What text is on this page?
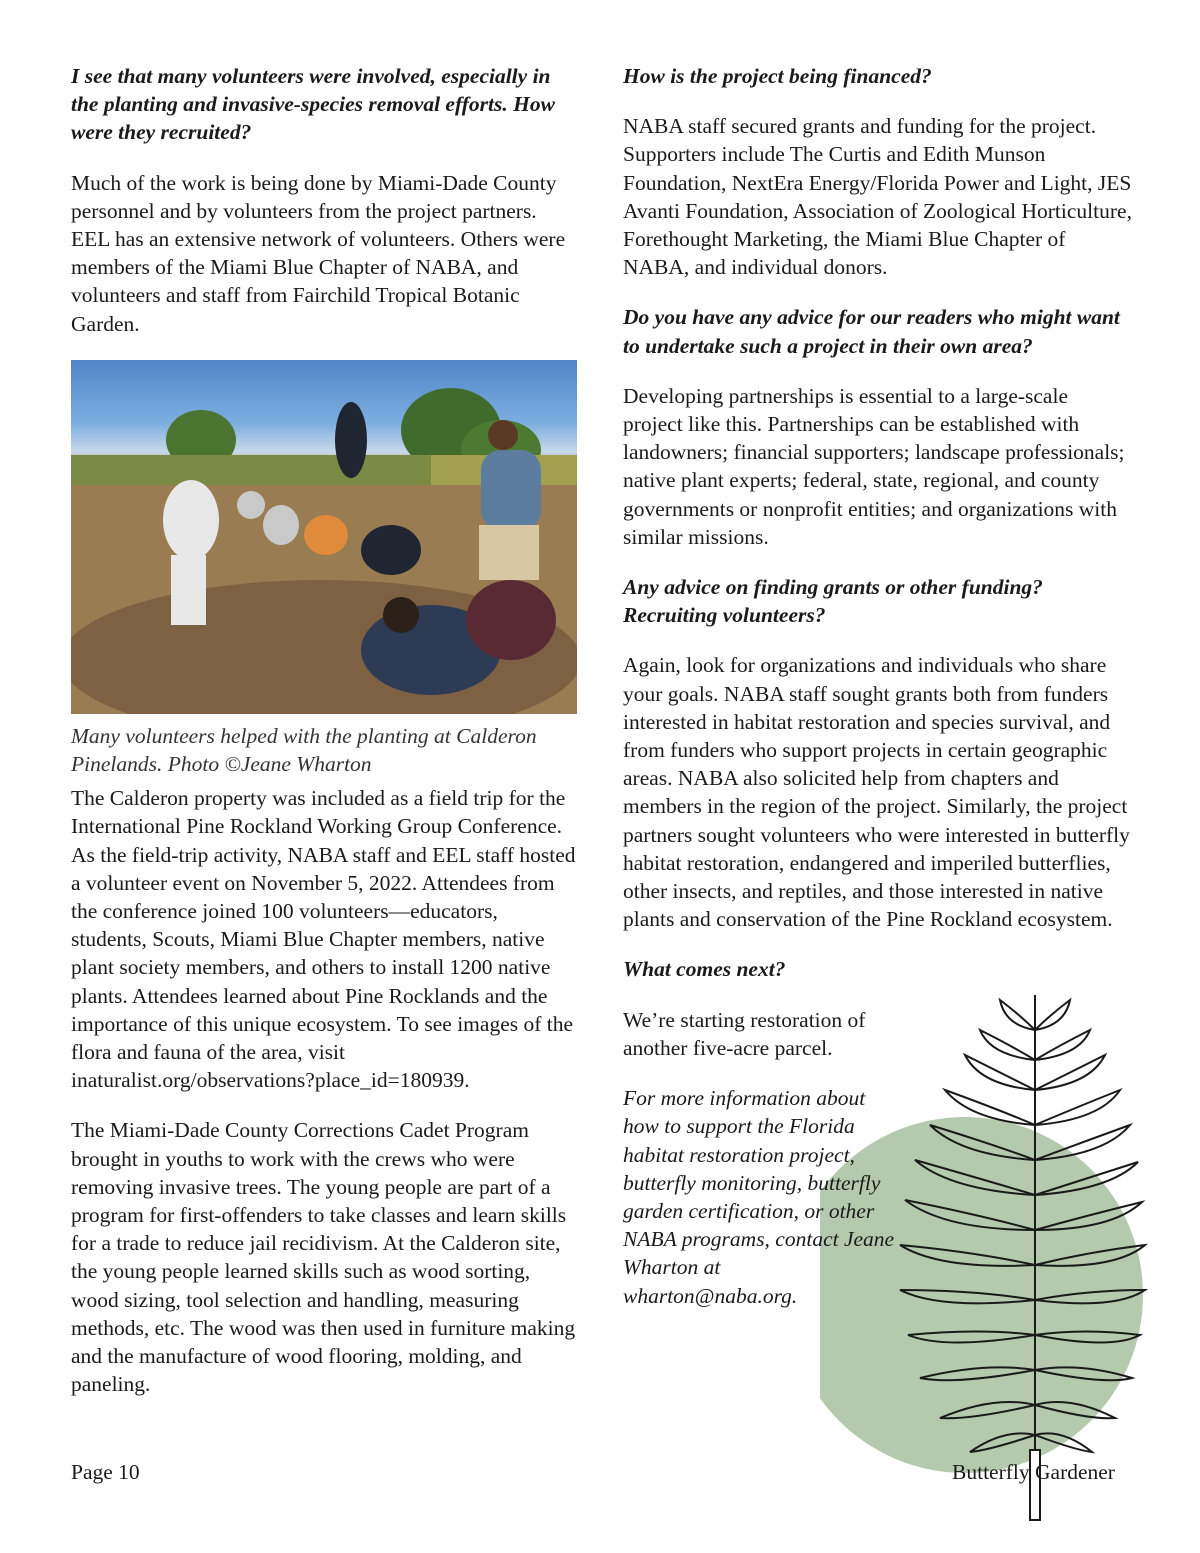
I see that many volunteers were involved, especially in the planting and invasive-species removal efforts. How were they recruited?

Much of the work is being done by Miami-Dade County personnel and by volunteers from the project partners. EEL has an extensive network of volunteers. Others were members of the Miami Blue Chapter of NABA, and volunteers and staff from Fairchild Tropical Botanic Garden.

Many volunteers helped with the planting at Calderon Pinelands. Photo ©Jeane Wharton

The Calderon property was included as a field trip for the International Pine Rockland Working Group Conference. As the field-trip activity, NABA staff and EEL staff hosted a volunteer event on November 5, 2022. Attendees from the conference joined 100 volunteers—educators, students, Scouts, Miami Blue Chapter members, native plant society members, and others to install 1200 native plants. Attendees learned about Pine Rocklands and the importance of this unique ecosystem. To see images of the flora and fauna of the area, visit inaturalist.org/observations?place_id=180939.

The Miami-Dade County Corrections Cadet Program brought in youths to work with the crews who were removing invasive trees. The young people are part of a program for first-offenders to take classes and learn skills for a trade to reduce jail recidivism. At the Calderon site, the young people learned skills such as wood sorting, wood sizing, tool selection and handling, measuring methods, etc. The wood was then used in furniture making and the manufacture of wood flooring, molding, and paneling.

How is the project being financed?

NABA staff secured grants and funding for the project. Supporters include The Curtis and Edith Munson Foundation, NextEra Energy/Florida Power and Light, JES Avanti Foundation, Association of Zoological Horticulture, Forethought Marketing, the Miami Blue Chapter of NABA, and individual donors.

Do you have any advice for our readers who might want to undertake such a project in their own area?

Developing partnerships is essential to a large-scale project like this. Partnerships can be established with landowners; financial supporters; landscape professionals; native plant experts; federal, state, regional, and county governments or nonprofit entities; and organizations with similar missions.

Any advice on finding grants or other funding? Recruiting volunteers?

Again, look for organizations and individuals who share your goals. NABA staff sought grants both from funders interested in habitat restoration and species survival, and from funders who support projects in certain geographic areas. NABA also solicited help from chapters and members in the region of the project. Similarly, the project partners sought volunteers who were interested in butterfly habitat restoration, endangered and imperiled butterflies, other insects, and reptiles, and those interested in native plants and conservation of the Pine Rockland ecosystem.

What comes next?

We’re starting restoration of another five-acre parcel.

For more information about how to support the Florida habitat restoration project, butterfly monitoring, butterfly garden certification, or other NABA programs, contact Jeane Wharton at wharton@naba.org.

Page 10	Butterfly Gardener
